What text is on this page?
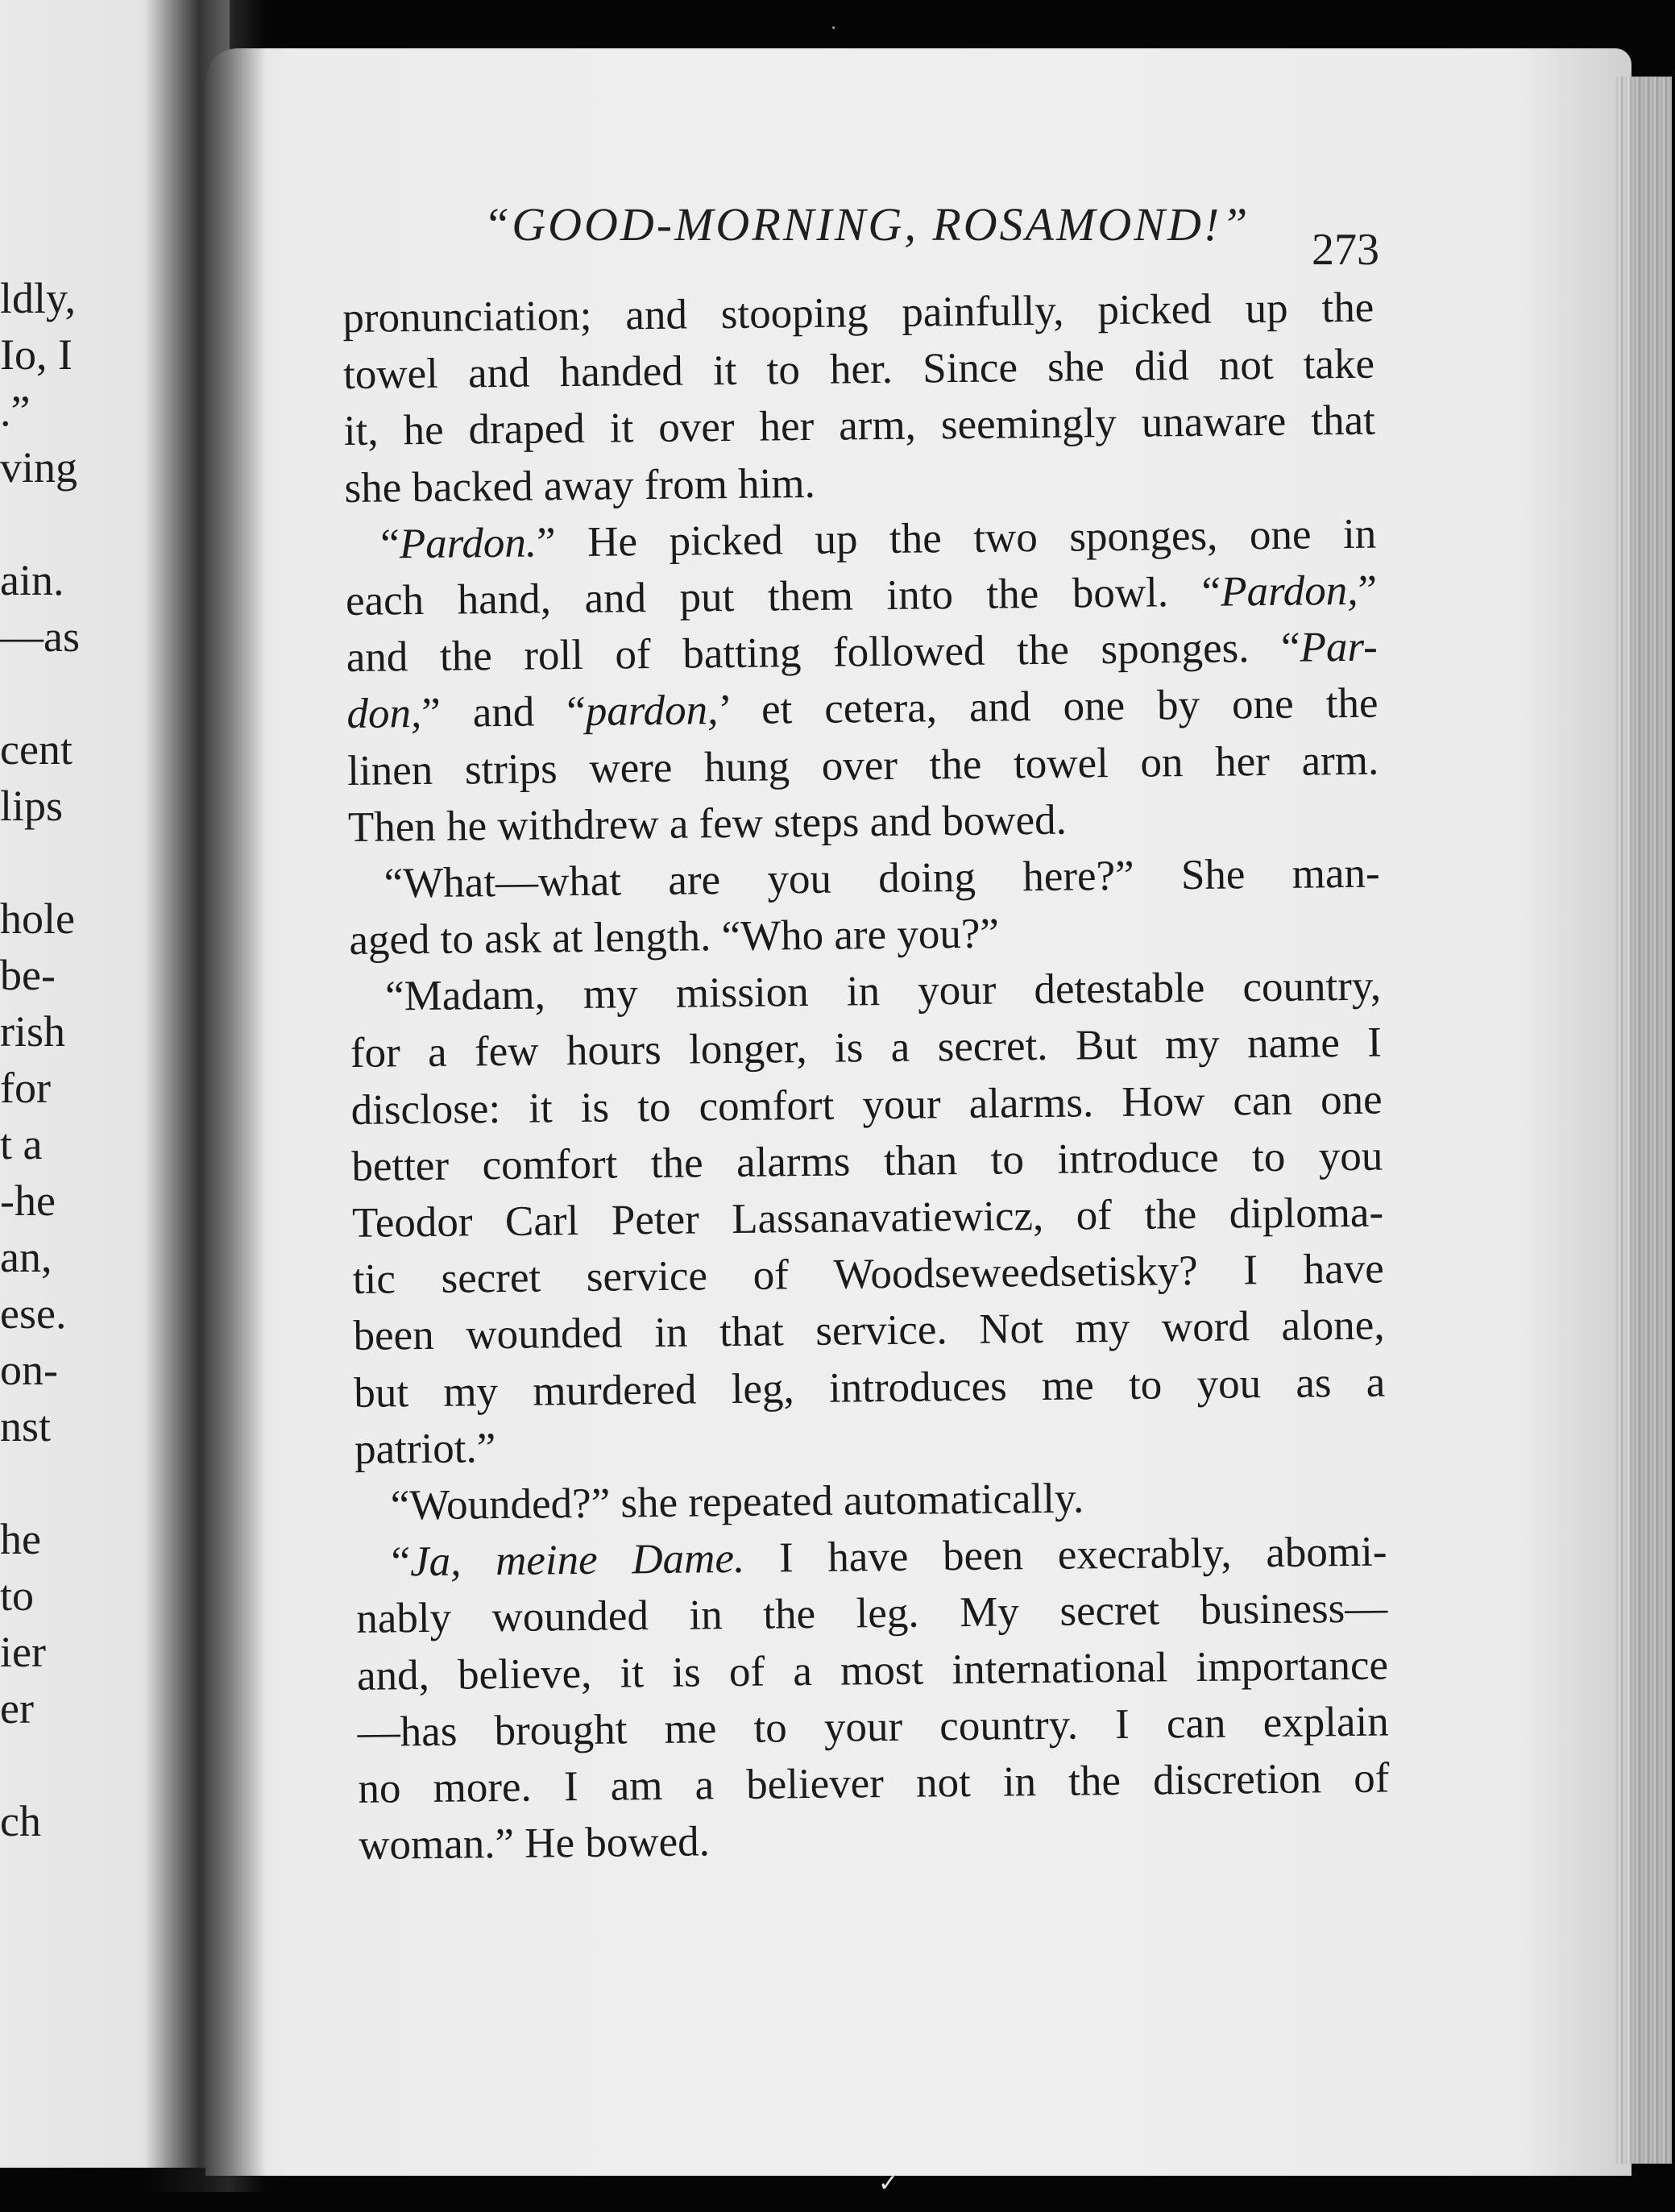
ldly,
Io, I
.”
ving
ain.
—as
cent
lips
hole
be-
rish
for
t a
-he
an,
ese.
on-
nst
he
to
ier
er
ch
·
“GOOD-MORNING, ROSAMOND!” 273
pronunciation; and stooping painfully, picked up the
towel and handed it to her. Since she did not take
it, he draped it over her arm, seemingly unaware that
she backed away from him.
“Pardon.” He picked up the two sponges, one in
each hand, and put them into the bowl. “Pardon,”
and the roll of batting followed the sponges. “Par-
don,” and “pardon,’ et cetera, and one by one the
linen strips were hung over the towel on her arm.
Then he withdrew a few steps and bowed.
“What—what are you doing here?” She man-
aged to ask at length. “Who are you?”
“Madam, my mission in your detestable country,
for a few hours longer, is a secret. But my name I
disclose: it is to comfort your alarms. How can one
better comfort the alarms than to introduce to you
Teodor Carl Peter Lassanavatiewicz, of the diploma-
tic secret service of Woodseweedsetisky? I have
been wounded in that service. Not my word alone,
but my murdered leg, introduces me to you as a
patriot.”
“Wounded?” she repeated automatically.
“Ja, meine Dame. I have been execrably, abomi-
nably wounded in the leg. My secret business—
and, believe, it is of a most international importance
—has brought me to your country. I can explain
no more. I am a believer not in the discretion of
woman.” He bowed.
✓
